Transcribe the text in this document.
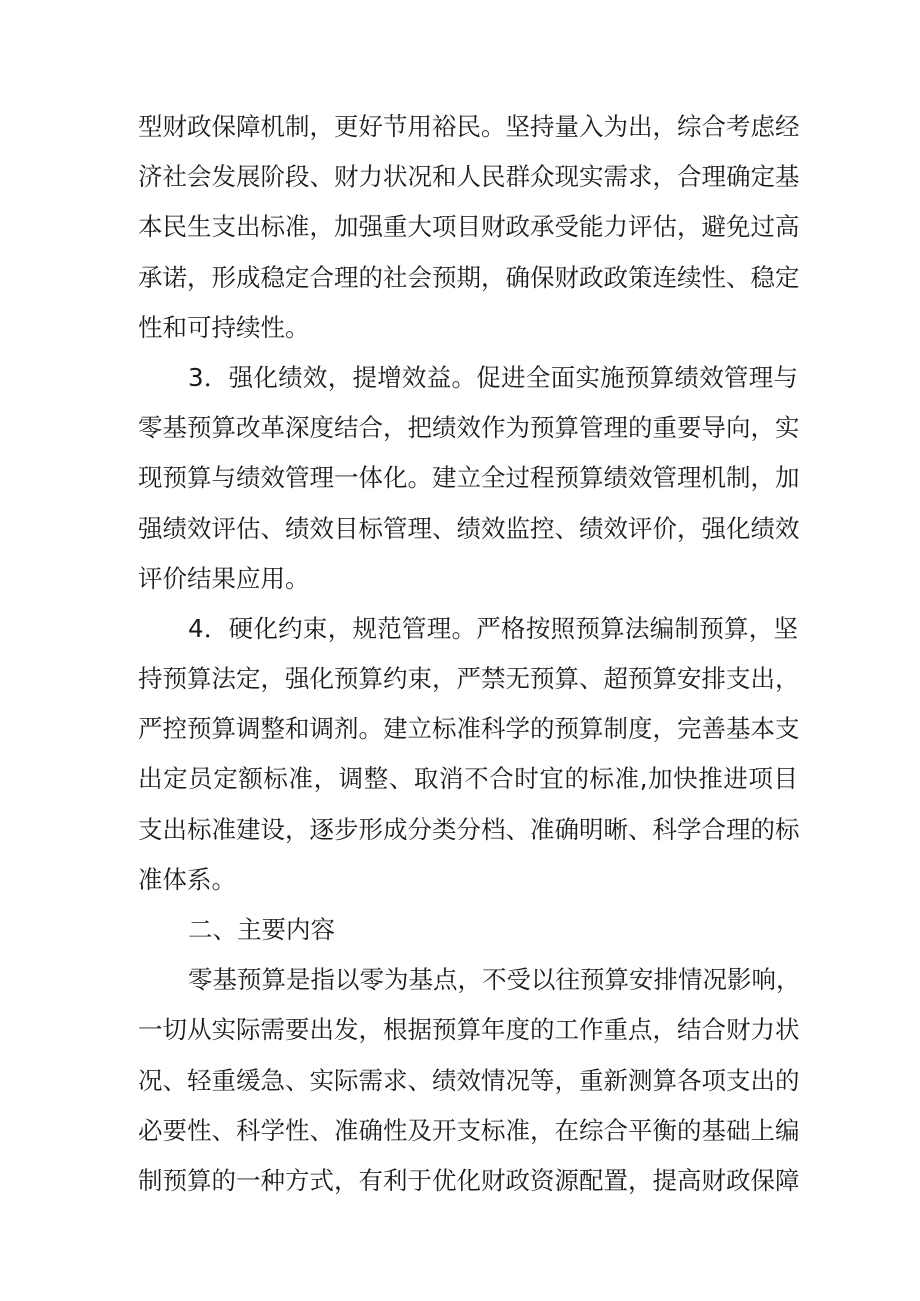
型财政保障机制，更好节用裕民。坚持量入为出，综合考虑经
济社会发展阶段、财力状况和人民群众现实需求，合理确定基
本民生支出标准，加强重大项目财政承受能力评估，避免过高
承诺，形成稳定合理的社会预期，确保财政政策连续性、稳定
性和可持续性。
3．强化绩效，提增效益。促进全面实施预算绩效管理与
零基预算改革深度结合，把绩效作为预算管理的重要导向，实
现预算与绩效管理一体化。建立全过程预算绩效管理机制，加
强绩效评估、绩效目标管理、绩效监控、绩效评价，强化绩效
评价结果应用。
4．硬化约束，规范管理。严格按照预算法编制预算，坚
持预算法定，强化预算约束，严禁无预算、超预算安排支出，
严控预算调整和调剂。建立标准科学的预算制度，完善基本支
出定员定额标准，调整、取消不合时宜的标准,加快推进项目
支出标准建设，逐步形成分类分档、准确明晰、科学合理的标
准体系。
二、主要内容
零基预算是指以零为基点，不受以往预算安排情况影响，
一切从实际需要出发，根据预算年度的工作重点，结合财力状
况、轻重缓急、实际需求、绩效情况等，重新测算各项支出的
必要性、科学性、准确性及开支标准，在综合平衡的基础上编
制预算的一种方式，有利于优化财政资源配置，提高财政保障
